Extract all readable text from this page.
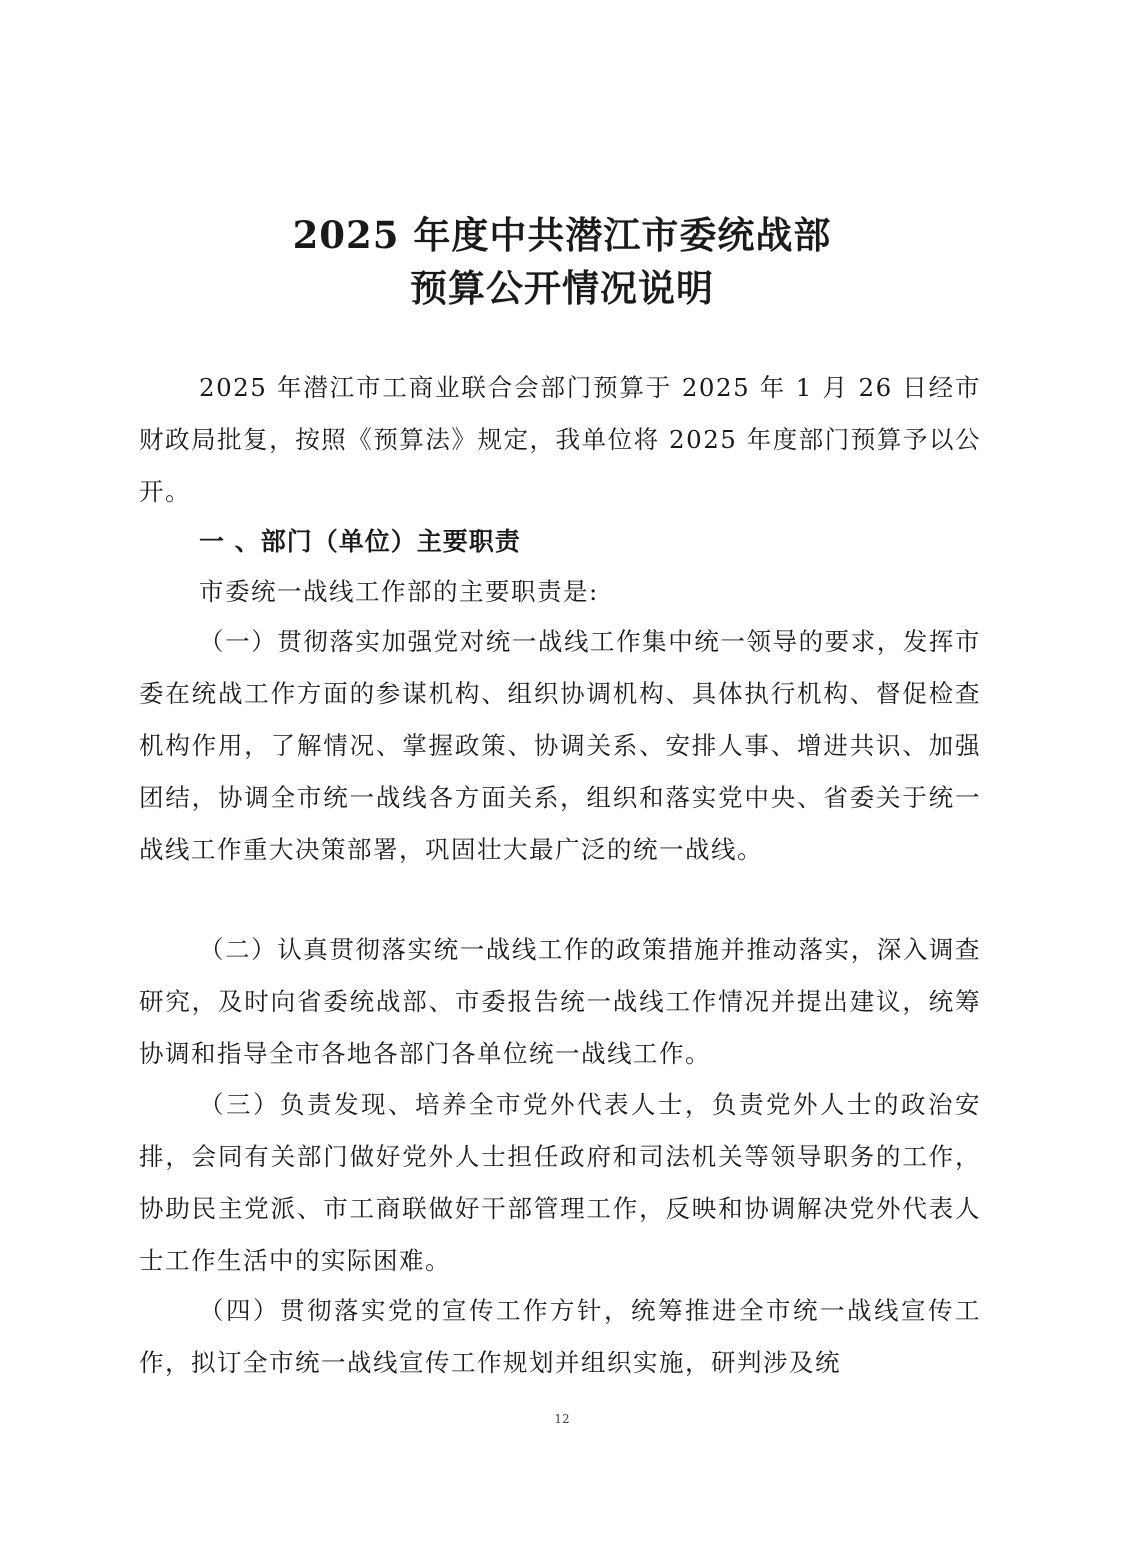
2025 年度中共潜江市委统战部
预算公开情况说明

2025 年潜江市工商业联合会部门预算于 2025 年 1 月 26 日经市财政局批复，按照《预算法》规定，我单位将 2025 年度部门预算予以公开。

一 、部门（单位）主要职责

市委统一战线工作部的主要职责是:

（一）贯彻落实加强党对统一战线工作集中统一领导的要求，发挥市委在统战工作方面的参谋机构、组织协调机构、具体执行机构、督促检查机构作用，了解情况、掌握政策、协调关系、安排人事、增进共识、加强团结，协调全市统一战线各方面关系，组织和落实党中央、省委关于统一战线工作重大决策部署，巩固壮大最广泛的统一战线。

（二）认真贯彻落实统一战线工作的政策措施并推动落实，深入调查研究，及时向省委统战部、市委报告统一战线工作情况并提出建议，统筹协调和指导全市各地各部门各单位统一战线工作。

（三）负责发现、培养全市党外代表人士，负责党外人士的政治安排，会同有关部门做好党外人士担任政府和司法机关等领导职务的工作，协助民主党派、市工商联做好干部管理工作，反映和协调解决党外代表人士工作生活中的实际困难。

（四）贯彻落实党的宣传工作方针，统筹推进全市统一战线宣传工作，拟订全市统一战线宣传工作规划并组织实施，研判涉及统

12
